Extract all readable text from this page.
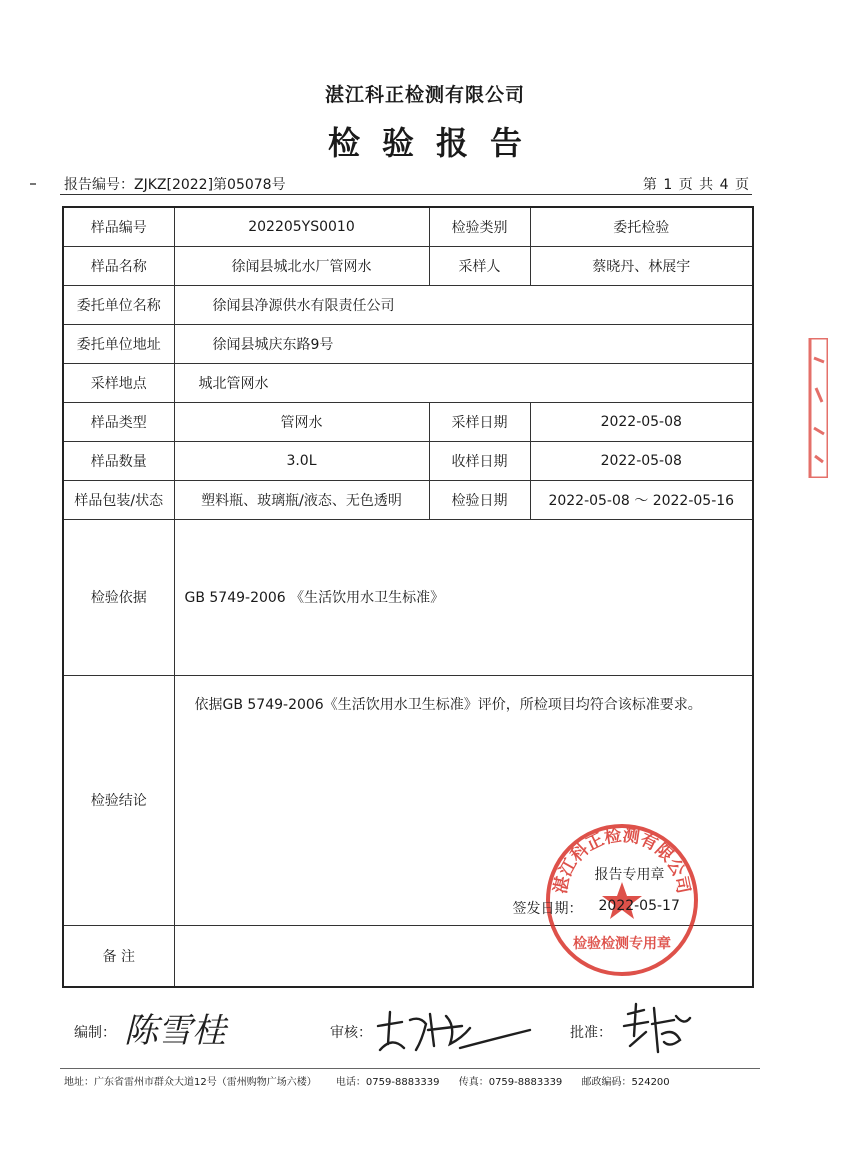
湛江科正检测有限公司
检验报告
报告编号：ZJKZ[2022]第05078号	第 1 页 共 4 页
样品编号	202205YS0010	检验类别	委托检验
样品名称	徐闻县城北水厂管网水	采样人	蔡晓丹、林展宇
委托单位名称	徐闻县净源供水有限责任公司		
委托单位地址	徐闻县城庆东路9号		
采样地点	城北管网水		
样品类型	管网水	采样日期	2022-05-08
样品数量	3.0L	收样日期	2022-05-08
样品包装/状态	塑料瓶、玻璃瓶/液态、无色透明	检验日期	2022-05-08 ～ 2022-05-16
检验依据	GB 5749-2006 《生活饮用水卫生标准》		
检验结论	依据GB 5749-2006《生活饮用水卫生标准》评价，所检项目均符合该标准要求。
报告专用章
签发日期： 2022-05-17		

备 注			
湛江科正检测有限公司
检验检测专用章
编制：	审核：	批准：
陈雪桂
地址：广东省雷州市群众大道12号（雷州购物广场六楼） 电话：0759-8883339 传真：0759-8883339 邮政编码：524200
